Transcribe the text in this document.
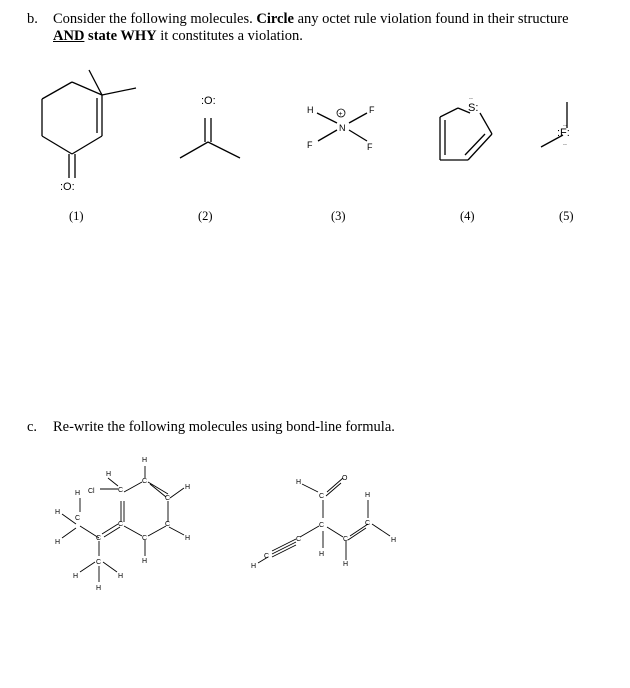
b. Consider the following molecules. Circle any octet rule violation found in their structure
AND state WHY it constitutes a violation.
:O:
:O:
H	F
F	F
N
+
..
S:
..
:F:
..
H
H
H
H Cl	C
C
C
H
C
C	C
H
C	C	H
C	H
H	H
H
H
O
C	H
C	C
C	C	H
H
C
H	H
(1)	(2)	(3)	(4)	(5)
c. Re-write the following molecules using bond-line formula.
